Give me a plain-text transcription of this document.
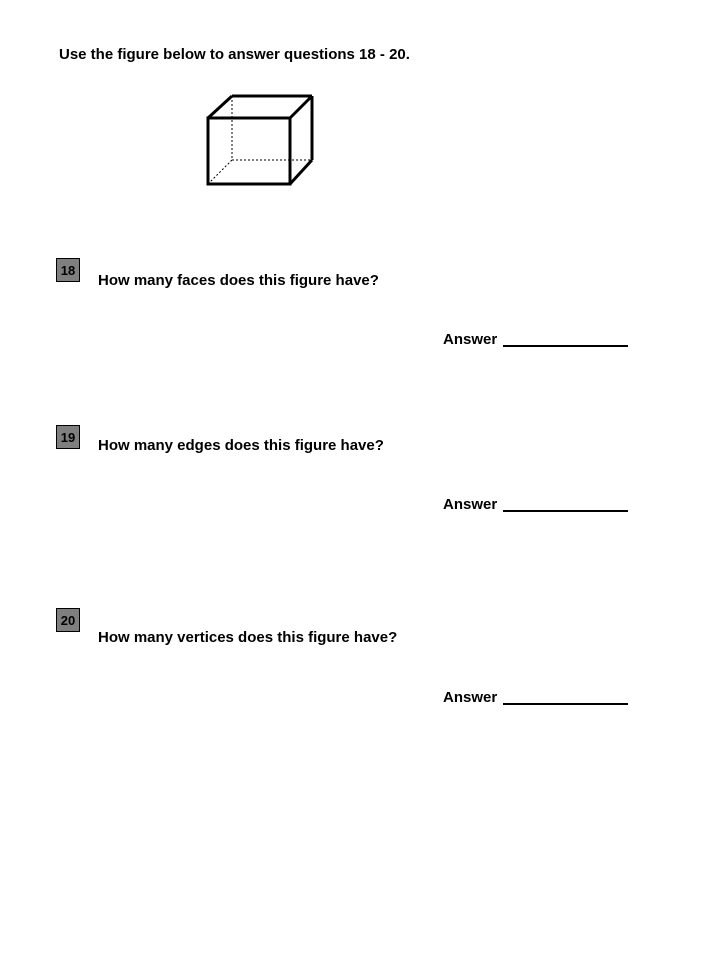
Use the figure below to answer questions 18 - 20.
18
How many faces does this figure have?
Answer
19	How many edges does this figure have?
Answer
20
How many vertices does this figure have?
Answer
